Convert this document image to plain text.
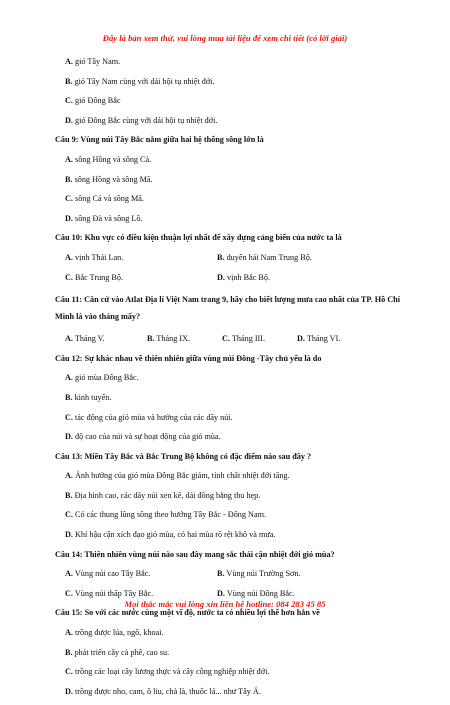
Đây là bản xem thử, vui lòng mua tài liệu để xem chi tiết (có lời giải)
A. gió Tây Nam.
B. gió Tây Nam cùng với dải hội tụ nhiệt đới.
C. gió Đông Bắc
D. gió Đông Bắc cùng với dải hội tụ nhiệt đới.
Câu 9: Vùng núi Tây Bắc nằm giữa hai hệ thống sông lớn là
A. sông Hồng và sông Cả.
B. sông Hồng và sông Mã.
C. sông Cả và sông Mã.
D. sông Đà và sông Lô.
Câu 10: Khu vực có điều kiện thuận lợi nhất để xây dựng cảng biển của nước ta là
A. vịnh Thái Lan.	B. duyên hải Nam Trung Bộ.
C. Bắc Trung Bộ.	D. vịnh Bắc Bộ.
Câu 11: Căn cứ vào Atlat Địa lí Việt Nam trang 9, hãy cho biết lượng mưa cao nhất của TP. Hồ Chí Minh là vào tháng mấy?
A. Tháng V.	B. Tháng IX.	C. Tháng III.	D. Tháng VI.
Câu 12: Sự khác nhau về thiên nhiên giữa vùng núi Đông -Tây chủ yếu là do
A. gió mùa Đông Bắc.
B. kinh tuyến.
C. tác động của gió mùa và hướng của các dãy núi.
D. độ cao của núi và sự hoạt động của gió mùa.
Câu 13: Miền Tây Bắc và Bắc Trung Bộ không có đặc điểm nào sau đây ?
A. Ảnh hưởng của gió mùa Đông Bắc giảm, tính chất nhiệt đới tăng.
B. Địa hình cao, các dãy núi xen kẽ, dải đồng bằng thu hẹp.
C. Có các thung lũng sông theo hướng Tây Bắc - Đông Nam.
D. Khí hậu cận xích đạo gió mùa, có hai mùa rõ rệt khô và mưa.
Câu 14: Thiên nhiên vùng núi nào sau đây mang sắc thái cận nhiệt đới gió mùa?
A. Vùng núi cao Tây Bắc.	B. Vùng núi Trường Sơn.
C. Vùng núi thấp Tây Bắc.	D. Vùng núi Đông Bắc.
Câu 15: So với các nước cùng một vĩ độ, nước ta có nhiều lợi thế hơn hẳn về
A. trồng được lúa, ngô, khoai.
B. phát triển cây cà phê, cao su.
C. trồng các loại cây lương thực và cây công nghiệp nhiệt đới.
D. trồng được nho, cam, ô liu, chà là, thuốc lá... như Tây Á.
Mọi thắc mắc vui lòng xin liên hệ hotline: 084 283 45 85
